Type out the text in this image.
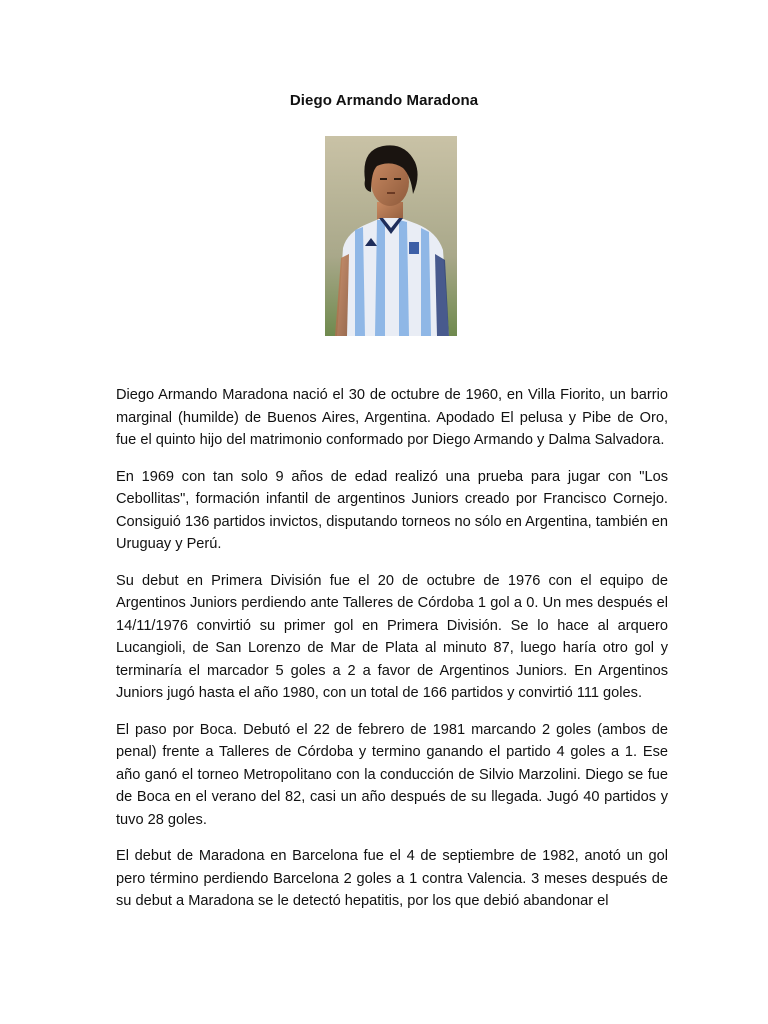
Diego Armando Maradona

Diego Armando Maradona nació el 30 de octubre de 1960, en Villa Fiorito, un barrio marginal (humilde) de Buenos Aires, Argentina. Apodado El pelusa y Pibe de Oro, fue el quinto hijo del matrimonio conformado por Diego Armando y Dalma Salvadora.

En 1969 con tan solo 9 años de edad realizó una prueba para jugar con "Los Cebollitas", formación infantil de argentinos Juniors creado por Francisco Cornejo. Consiguió 136 partidos invictos, disputando torneos no sólo en Argentina, también en Uruguay y Perú.

Su debut en Primera División fue el 20 de octubre de 1976 con el equipo de Argentinos Juniors perdiendo ante Talleres de Córdoba 1 gol a 0. Un mes después el 14/11/1976 convirtió su primer gol en Primera División. Se lo hace al arquero Lucangioli, de San Lorenzo de Mar de Plata al minuto 87, luego haría otro gol y terminaría el marcador 5 goles a 2 a favor de Argentinos Juniors. En Argentinos Juniors jugó hasta el año 1980, con un total de 166 partidos y convirtió 111 goles.

El paso por Boca. Debutó el 22 de febrero de 1981 marcando 2 goles (ambos de penal) frente a Talleres de Córdoba y termino ganando el partido 4 goles a 1. Ese año ganó el torneo Metropolitano con la conducción de Silvio Marzolini. Diego se fue de Boca en el verano del 82, casi un año después de su llegada. Jugó 40 partidos y tuvo 28 goles.

El debut de Maradona en Barcelona fue el 4 de septiembre de 1982, anotó un gol pero término perdiendo Barcelona 2 goles a 1 contra Valencia. 3 meses después de su debut a Maradona se le detectó hepatitis, por los que debió abandonar el
